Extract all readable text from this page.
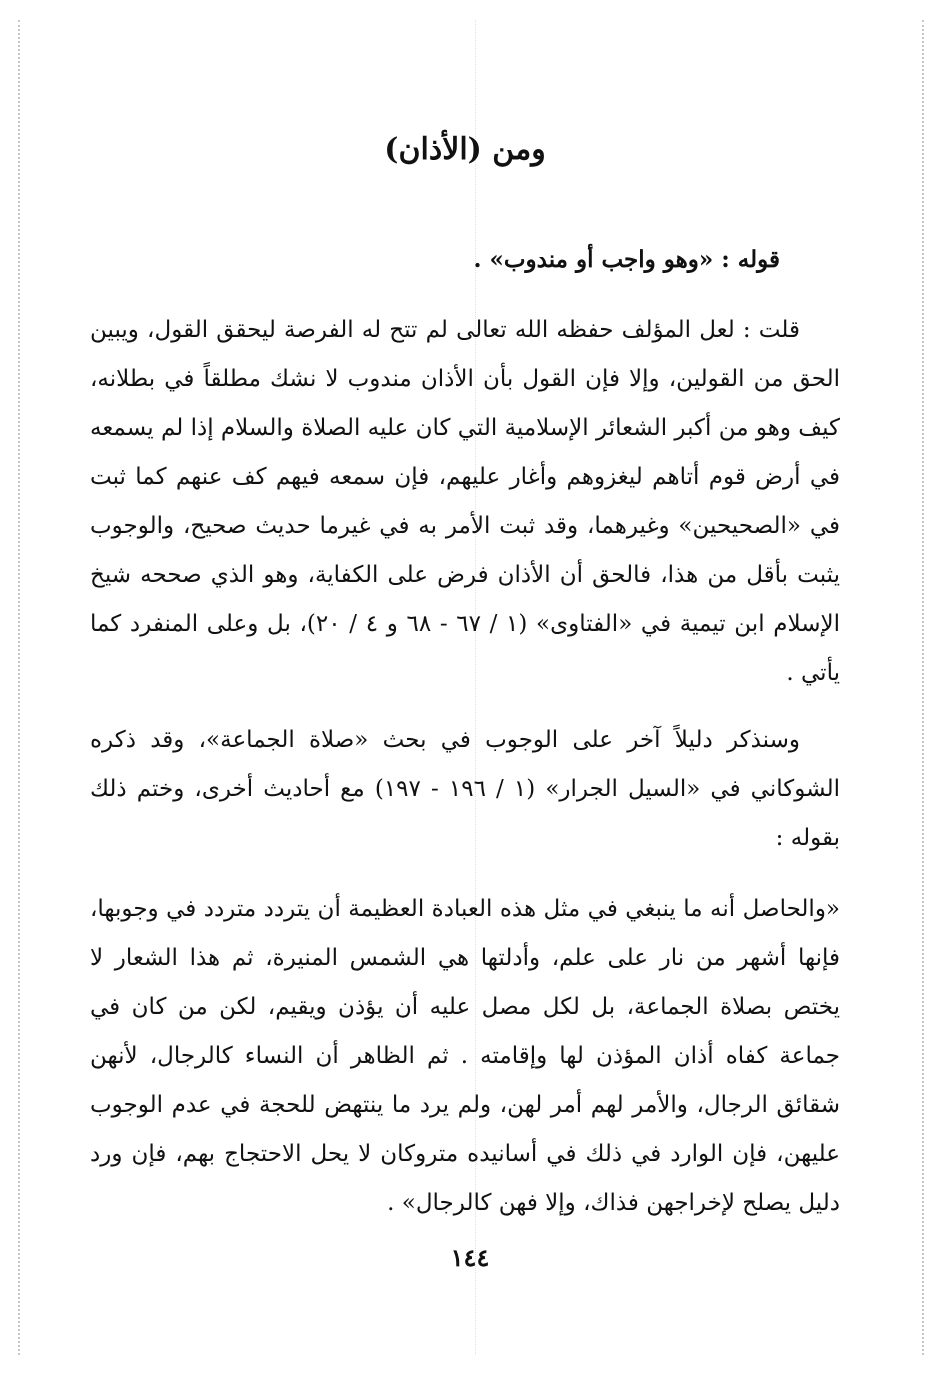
ومن (الأذان)

قوله : «وهو واجب أو مندوب» .

قلت : لعل المؤلف حفظه الله تعالى لم تتح له الفرصة ليحقق القول، ويبين الحق من القولين، وإلا فإن القول بأن الأذان مندوب لا نشك مطلقاً في بطلانه، كيف وهو من أكبر الشعائر الإسلامية التي كان عليه الصلاة والسلام إذا لم يسمعه في أرض قوم أتاهم ليغزوهم وأغار عليهم، فإن سمعه فيهم كف عنهم كما ثبت في «الصحيحين» وغيرهما، وقد ثبت الأمر به في غيرما حديث صحيح، والوجوب يثبت بأقل من هذا، فالحق أن الأذان فرض على الكفاية، وهو الذي صححه شيخ الإسلام ابن تيمية في «الفتاوى» (١ / ٦٧ - ٦٨ و ٤ / ٢٠)، بل وعلى المنفرد كما يأتي .

وسنذكر دليلاً آخر على الوجوب في بحث «صلاة الجماعة»، وقد ذكره الشوكاني في «السيل الجرار» (١ / ١٩٦ - ١٩٧) مع أحاديث أخرى، وختم ذلك بقوله :

«والحاصل أنه ما ينبغي في مثل هذه العبادة العظيمة أن يتردد متردد في وجوبها، فإنها أشهر من نار على علم، وأدلتها هي الشمس المنيرة، ثم هذا الشعار لا يختص بصلاة الجماعة، بل لكل مصل عليه أن يؤذن ويقيم، لكن من كان في جماعة كفاه أذان المؤذن لها وإقامته . ثم الظاهر أن النساء كالرجال، لأنهن شقائق الرجال، والأمر لهم أمر لهن، ولم يرد ما ينتهض للحجة في عدم الوجوب عليهن، فإن الوارد في ذلك في أسانيده متروكان لا يحل الاحتجاج بهم، فإن ورد دليل يصلح لإخراجهن فذاك، وإلا فهن كالرجال» .

١٤٤
